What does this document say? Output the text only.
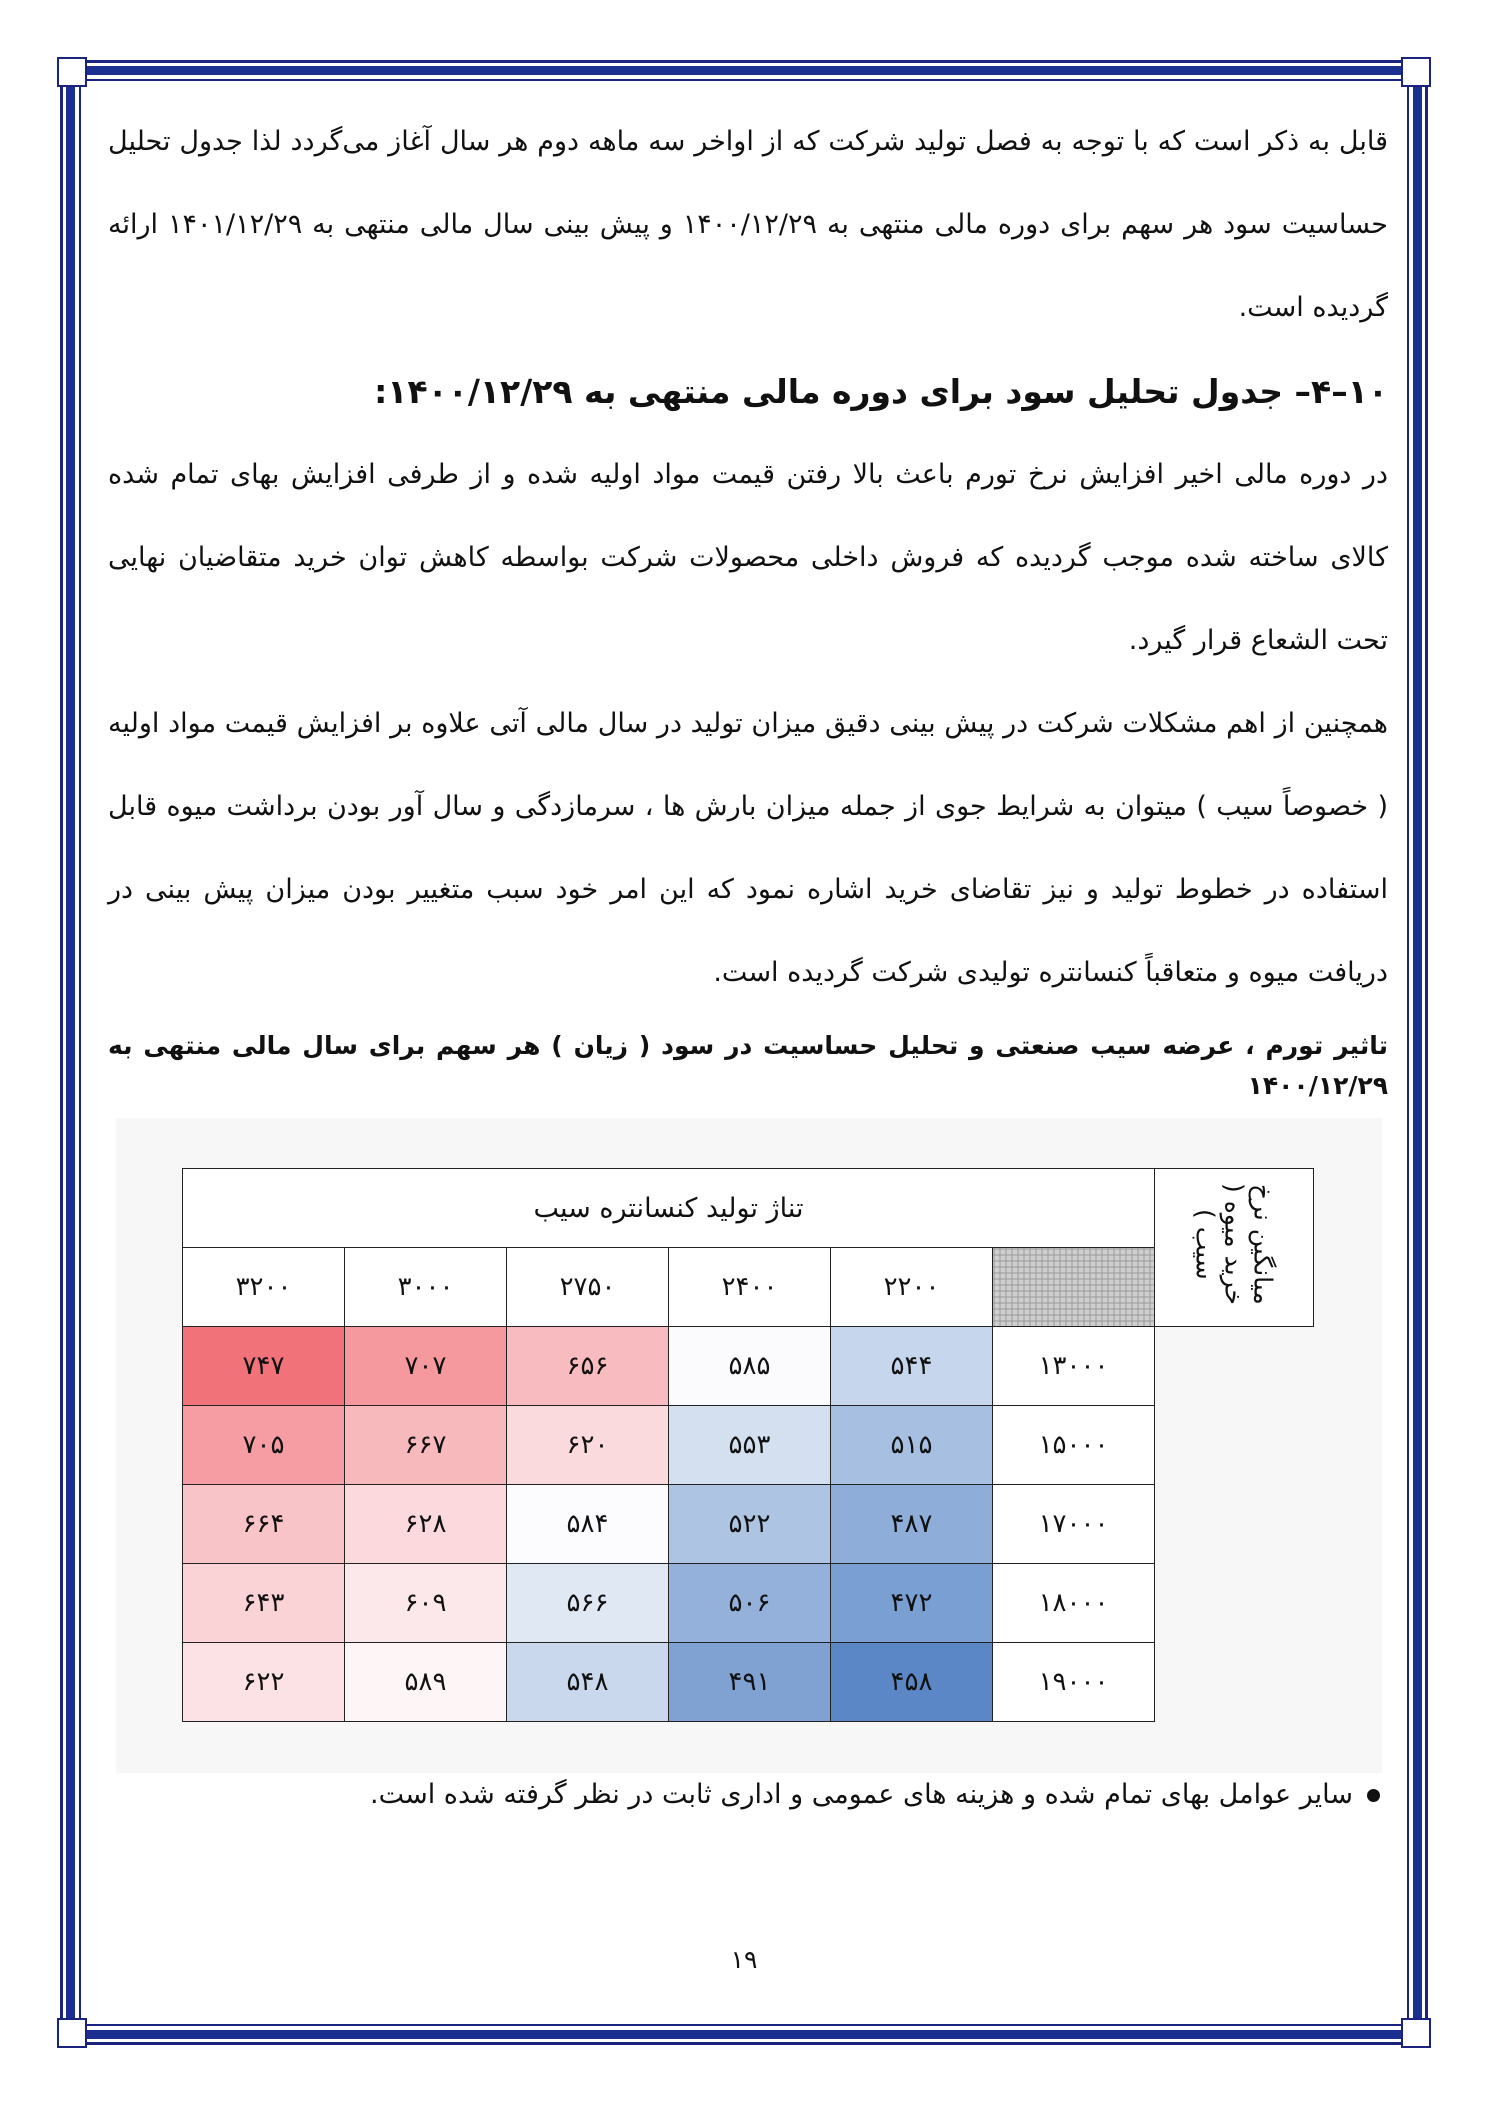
قابل به ذکر است که با توجه به فصل تولید شرکت که از اواخر سه ماهه دوم هر سال آغاز می‌گردد لذا جدول تحلیل حساسیت سود هر سهم برای دوره مالی منتهی به ۱۴۰۰/۱۲/۲۹ و پیش بینی سال مالی منتهی به ۱۴۰۱/۱۲/۲۹ ارائه گردیده است.

۱۰–۴– جدول تحلیل سود برای دوره مالی منتهی به ۱۴۰۰/۱۲/۲۹:

در دوره مالی اخیر افزایش نرخ تورم باعث بالا رفتن قیمت مواد اولیه شده و از طرفی افزایش بهای تمام شده کالای ساخته شده موجب گردیده که فروش داخلی محصولات شرکت بواسطه کاهش توان خرید متقاضیان نهایی تحت الشعاع قرار گیرد.

همچنین از اهم مشکلات شرکت در پیش بینی دقیق میزان تولید در سال مالی آتی علاوه بر افزایش قیمت مواد اولیه ( خصوصاً سیب ) میتوان به شرایط جوی از جمله میزان بارش ها ، سرمازدگی و سال آور بودن برداشت میوه قابل استفاده در خطوط تولید و نیز تقاضای خرید اشاره نمود که این امر خود سبب متغییر بودن میزان پیش بینی در دریافت میوه و متعاقباً کنسانتره تولیدی شرکت گردیده است.

تاثیر تورم ، عرضه سیب صنعتی و تحلیل حساسیت در سود ( زیان ) هر سهم برای سال مالی منتهی به ۱۴۰۰/۱۲/۲۹
تناژ تولید کنسانتره سیب						میانگین نرخ خرید میوه ( سیب )
۳۲۰۰	۳۰۰۰	۲۷۵۰	۲۴۰۰	۲۲۰۰		
۷۴۷	۷۰۷	۶۵۶	۵۸۵	۵۴۴	۱۳۰۰۰	
۷۰۵	۶۶۷	۶۲۰	۵۵۳	۵۱۵	۱۵۰۰۰	
۶۶۴	۶۲۸	۵۸۴	۵۲۲	۴۸۷	۱۷۰۰۰	
۶۴۳	۶۰۹	۵۶۶	۵۰۶	۴۷۲	۱۸۰۰۰	
۶۲۲	۵۸۹	۵۴۸	۴۹۱	۴۵۸	۱۹۰۰۰	
سایر عوامل بهای تمام شده و هزینه های عمومی و اداری ثابت در نظر گرفته شده است.
۱۹
